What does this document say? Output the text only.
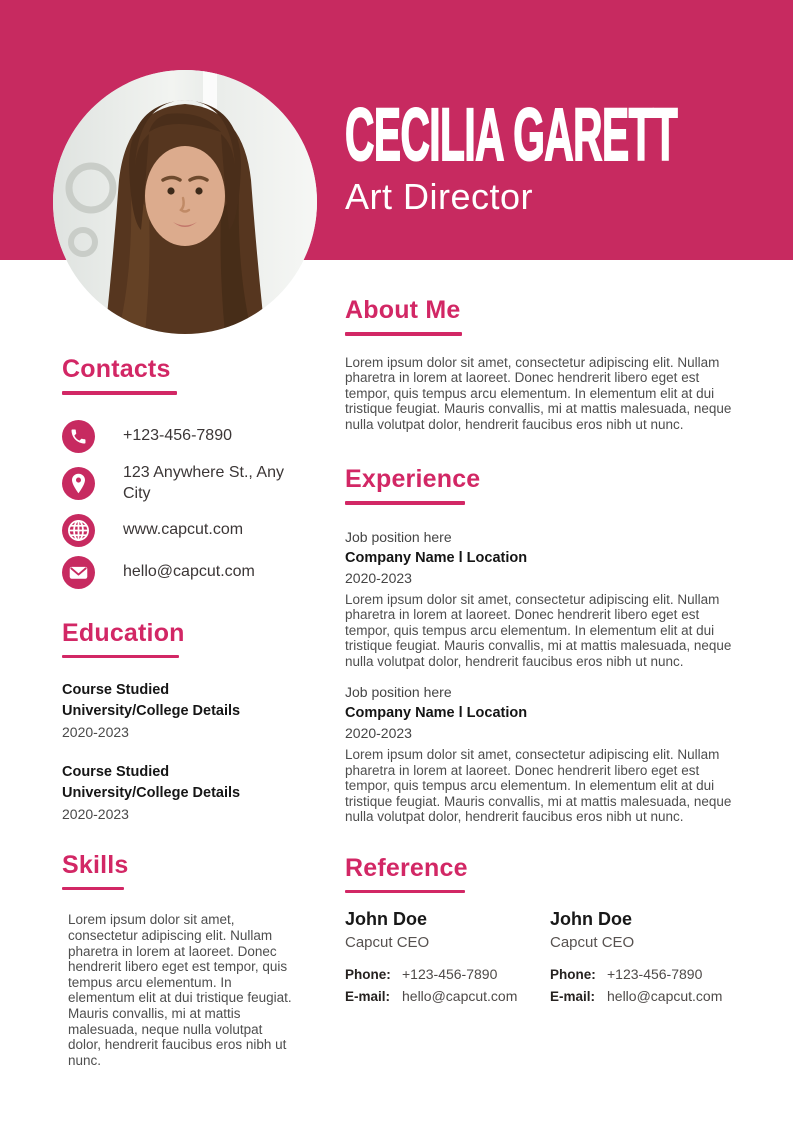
CECILIA GARETT
Art Director
Contacts
+123-456-7890
123 Anywhere St., Any City
www.capcut.com
hello@capcut.com
Education
Course Studied
University/College Details
2020-2023
Course Studied
University/College Details
2020-2023
Skills

Lorem ipsum dolor sit amet, consectetur adipiscing elit. Nullam pharetra in lorem at laoreet. Donec hendrerit libero eget est tempor, quis tempus arcu elementum. In elementum elit at dui tristique feugiat. Mauris convallis, mi at mattis malesuada, neque nulla volutpat dolor, hendrerit faucibus eros nibh ut nunc.

About Me

Lorem ipsum dolor sit amet, consectetur adipiscing elit. Nullam pharetra in lorem at laoreet. Donec hendrerit libero eget est tempor, quis tempus arcu elementum. In elementum elit at dui tristique feugiat. Mauris convallis, mi at mattis malesuada, neque nulla volutpat dolor, hendrerit faucibus eros nibh ut nunc.

Experience
Job position here
Company Name l Location
2020-2023

Lorem ipsum dolor sit amet, consectetur adipiscing elit. Nullam pharetra in lorem at laoreet. Donec hendrerit libero eget est tempor, quis tempus arcu elementum. In elementum elit at dui tristique feugiat. Mauris convallis, mi at mattis malesuada, neque nulla volutpat dolor, hendrerit faucibus eros nibh ut nunc.

Job position here
Company Name l Location
2020-2023

Lorem ipsum dolor sit amet, consectetur adipiscing elit. Nullam pharetra in lorem at laoreet. Donec hendrerit libero eget est tempor, quis tempus arcu elementum. In elementum elit at dui tristique feugiat. Mauris convallis, mi at mattis malesuada, neque nulla volutpat dolor, hendrerit faucibus eros nibh ut nunc.

Reference
John Doe
Capcut CEO
Phone: +123-456-7890
E-mail: hello@capcut.com
John Doe
Capcut CEO
Phone: +123-456-7890
E-mail: hello@capcut.com
